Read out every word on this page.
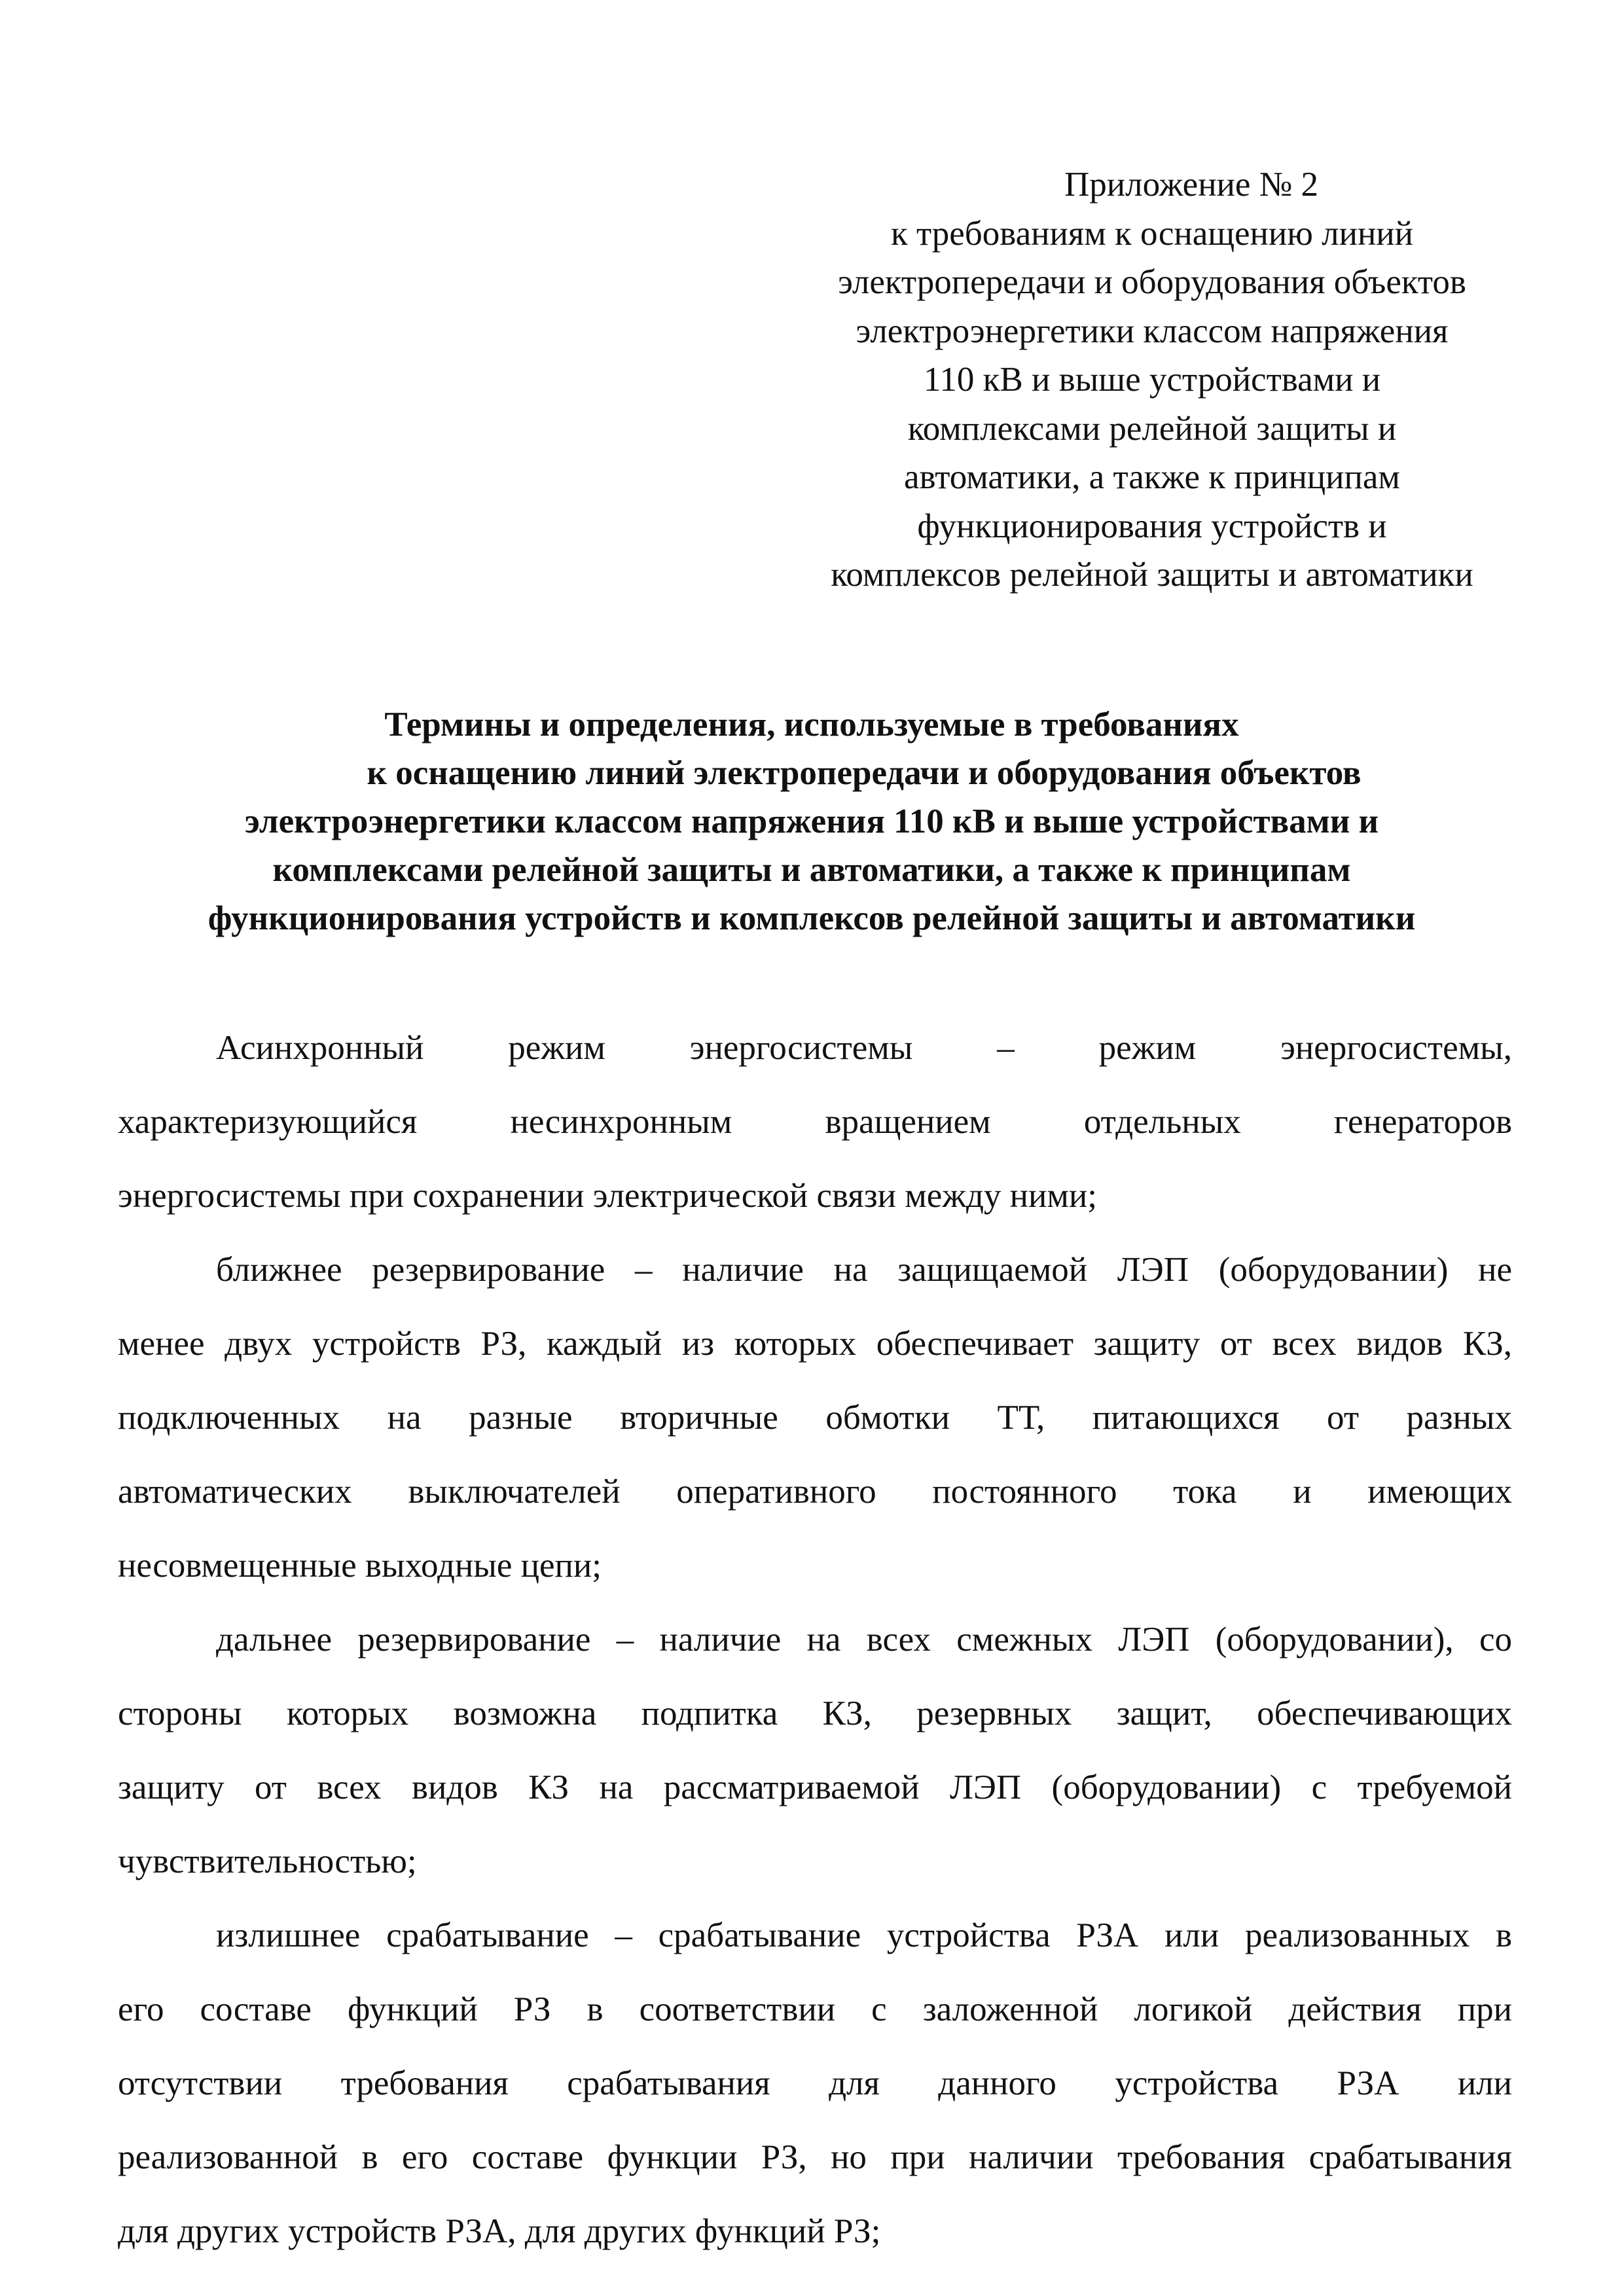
Приложение № 2
к требованиям к оснащению линий
электропередачи и оборудования объектов
электроэнергетики классом напряжения
110 кВ и выше устройствами и
комплексами релейной защиты и
автоматики, а также к принципам
функционирования устройств и
комплексов релейной защиты и автоматики
Термины и определения, используемые в требованиях
к оснащению линий электропередачи и оборудования объектов
электроэнергетики классом напряжения 110 кВ и выше устройствами и
комплексами релейной защиты и автоматики, а также к принципам
функционирования устройств и комплексов релейной защиты и автоматики

Асинхронный режим энергосистемы – режим энергосистемы,
характеризующийся несинхронным вращением отдельных генераторов
энергосистемы при сохранении электрической связи между ними;

ближнее резервирование – наличие на защищаемой ЛЭП (оборудовании) не
менее двух устройств РЗ, каждый из которых обеспечивает защиту от всех видов КЗ,
подключенных на разные вторичные обмотки ТТ, питающихся от разных
автоматических выключателей оперативного постоянного тока и имеющих
несовмещенные выходные цепи;

дальнее резервирование – наличие на всех смежных ЛЭП (оборудовании), со
стороны которых возможна подпитка КЗ, резервных защит, обеспечивающих
защиту от всех видов КЗ на рассматриваемой ЛЭП (оборудовании) с требуемой
чувствительностью;

излишнее срабатывание – срабатывание устройства РЗА или реализованных в
его составе функций РЗ в соответствии с заложенной логикой действия при
отсутствии требования срабатывания для данного устройства РЗА или
реализованной в его составе функции РЗ, но при наличии требования срабатывания
для других устройств РЗА, для других функций РЗ;
